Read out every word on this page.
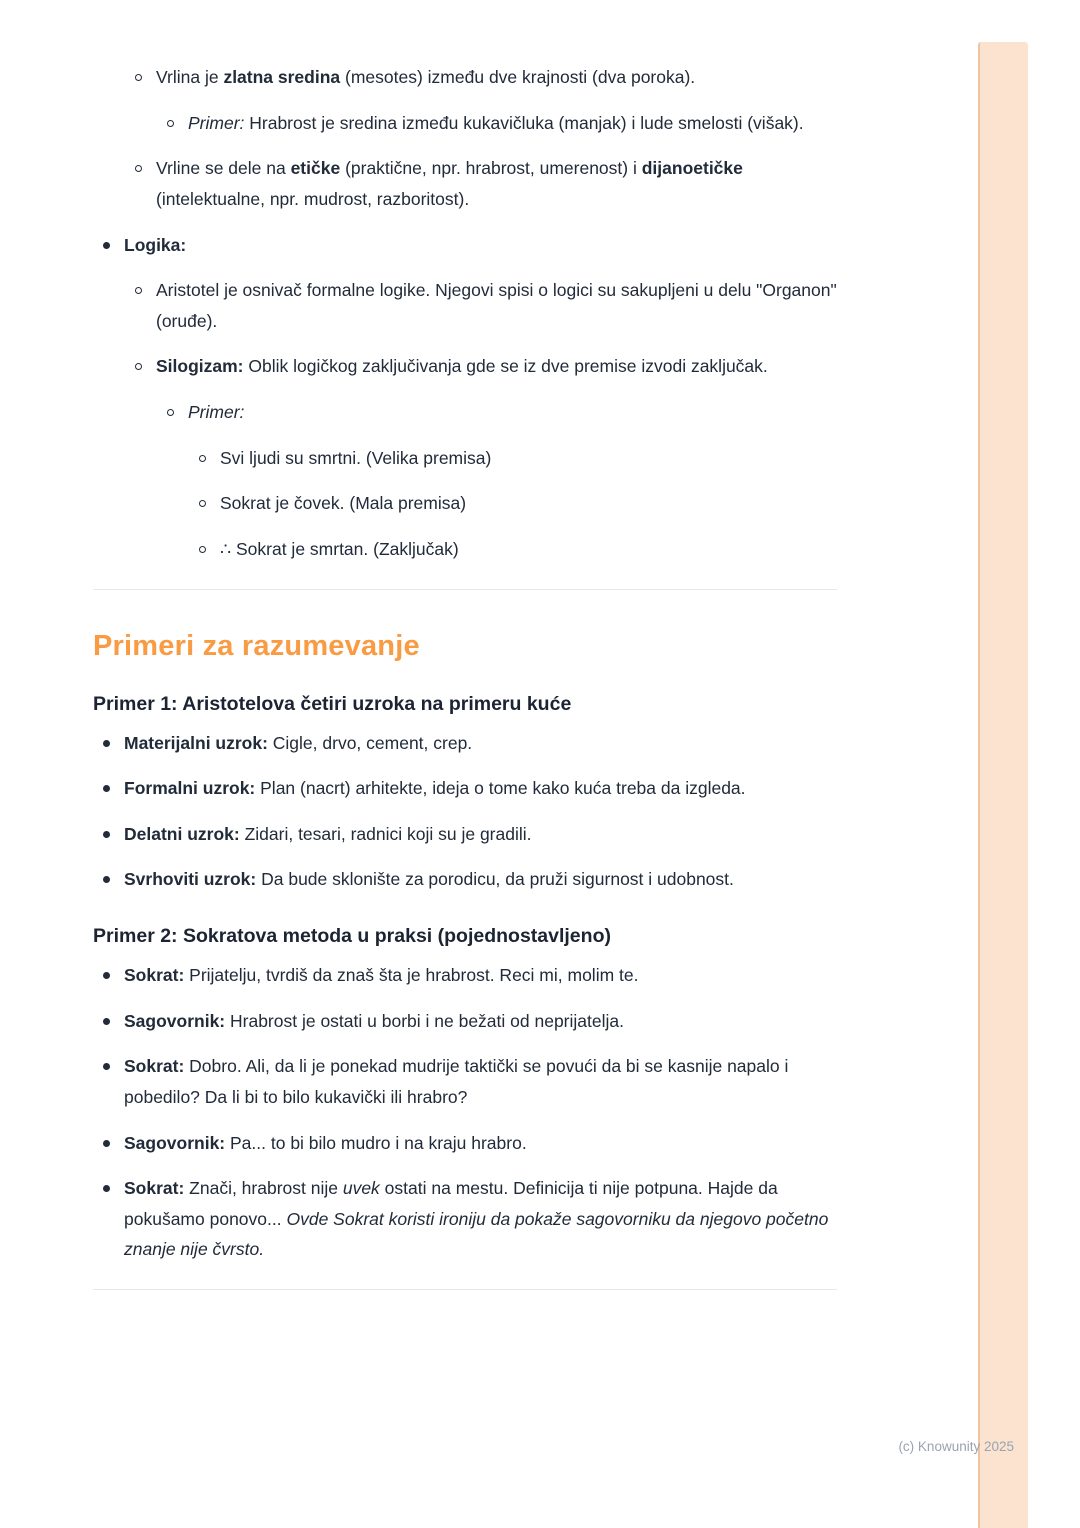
Vrlina je zlatna sredina (mesotes) između dve krajnosti (dva poroka).
Primer: Hrabrost je sredina između kukavičluka (manjak) i lude smelosti (višak).
Vrline se dele na etičke (praktične, npr. hrabrost, umerenost) i dijanoetičke (intelektualne, npr. mudrost, razboritost).
Logika:
Aristotel je osnivač formalne logike. Njegovi spisi o logici su sakupljeni u delu "Organon" (oruđe).
Silogizam: Oblik logičkog zaključivanja gde se iz dve premise izvodi zaključak.
Primer:
Svi ljudi su smrtni. (Velika premisa)
Sokrat je čovek. (Mala premisa)
∴ Sokrat je smrtan. (Zaključak)
Primeri za razumevanje
Primer 1: Aristotelova četiri uzroka na primeru kuće
Materijalni uzrok: Cigle, drvo, cement, crep.
Formalni uzrok: Plan (nacrt) arhitekte, ideja o tome kako kuća treba da izgleda.
Delatni uzrok: Zidari, tesari, radnici koji su je gradili.
Svrhoviti uzrok: Da bude sklonište za porodicu, da pruži sigurnost i udobnost.
Primer 2: Sokratova metoda u praksi (pojednostavljeno)
Sokrat: Prijatelju, tvrdiš da znaš šta je hrabrost. Reci mi, molim te.
Sagovornik: Hrabrost je ostati u borbi i ne bežati od neprijatelja.
Sokrat: Dobro. Ali, da li je ponekad mudrije taktički se povući da bi se kasnije napalo i pobedilo? Da li bi to bilo kukavički ili hrabro?
Sagovornik: Pa... to bi bilo mudro i na kraju hrabro.
Sokrat: Znači, hrabrost nije uvek ostati na mestu. Definicija ti nije potpuna. Hajde da pokušamo ponovo... Ovde Sokrat koristi ironiju da pokaže sagovorniku da njegovo početno znanje nije čvrsto.
(c) Knowunity 2025
